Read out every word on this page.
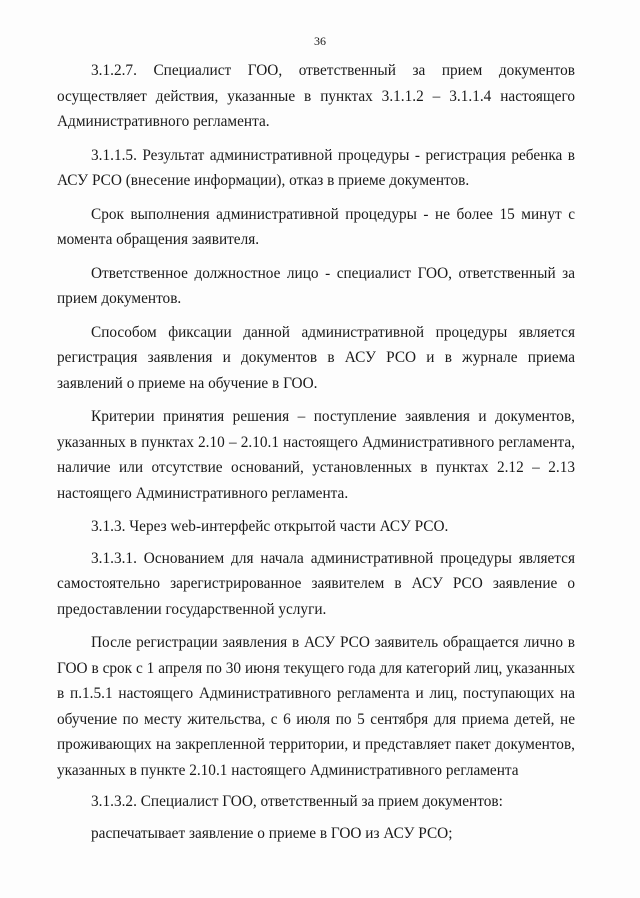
36

3.1.2.7. Специалист ГОО, ответственный за прием документов осуществляет действия, указанные в пунктах 3.1.1.2 – 3.1.1.4 настоящего Административного регламента.

3.1.1.5. Результат административной процедуры - регистрация ребенка в АСУ РСО (внесение информации), отказ в приеме документов.

Срок выполнения административной процедуры - не более 15 минут с момента обращения заявителя.

Ответственное должностное лицо - специалист ГОО, ответственный за прием документов.

Способом фиксации данной административной процедуры является регистрация заявления и документов в АСУ РСО и в журнале приема заявлений о приеме на обучение в ГОО.

Критерии принятия решения – поступление заявления и документов, указанных в пунктах 2.10 – 2.10.1 настоящего Административного регламента, наличие или отсутствие оснований, установленных в пунктах 2.12 – 2.13 настоящего Административного регламента.

3.1.3. Через web-интерфейс открытой части АСУ РСО.

3.1.3.1. Основанием для начала административной процедуры является самостоятельно зарегистрированное заявителем в АСУ РСО заявление о предоставлении государственной услуги.

После регистрации заявления в АСУ РСО заявитель обращается лично в ГОО в срок с 1 апреля по 30 июня текущего года для категорий лиц, указанных в п.1.5.1 настоящего Административного регламента и лиц, поступающих на обучение по месту жительства, с 6 июля по 5 сентября для приема детей, не проживающих на закрепленной территории, и представляет пакет документов, указанных в пункте 2.10.1 настоящего Административного регламента

3.1.3.2. Специалист ГОО, ответственный за прием документов:

распечатывает заявление о приеме в ГОО из АСУ РСО;
